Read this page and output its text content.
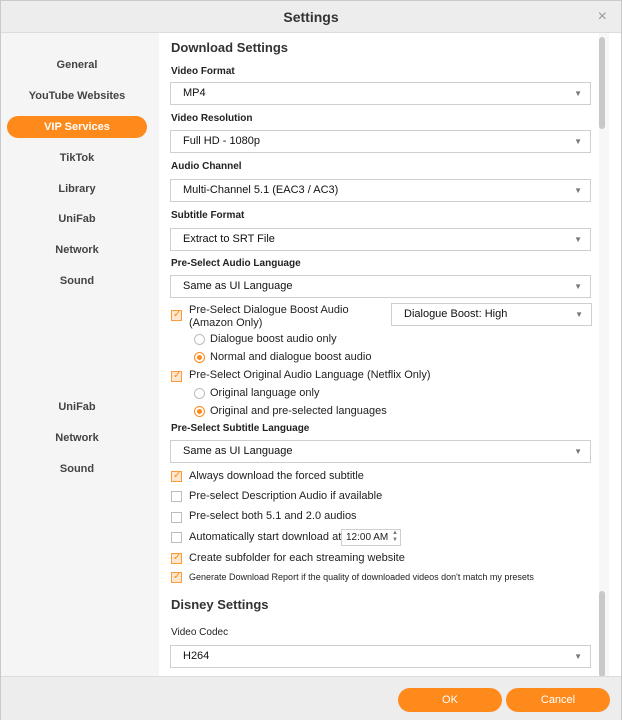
Settings	×
General
YouTube Websites
VIP Services
TikTok
Library
UniFab
Network
Sound
UniFab
Network
Sound
Download Settings
Video Format
MP4	▼
Video Resolution
Full HD - 1080p	▼
Audio Channel
Multi-Channel 5.1 (EAC3 / AC3)	▼
Subtitle Format
Extract to SRT File	▼
Pre-Select Audio Language
Same as UI Language	▼
✓
Pre-Select Dialogue Boost Audio (Amazon Only)
Dialogue Boost: High	▼
Dialogue boost audio only
Normal and dialogue boost audio
✓
Pre-Select Original Audio Language (Netflix Only)
Original language only
Original and pre-selected languages
Pre-Select Subtitle Language
Same as UI Language	▼
✓
Always download the forced subtitle
Pre-select Description Audio if available
Pre-select both 5.1 and 2.0 audios
Automatically start download at 12:00 AM ▲
▼
✓
Create subfolder for each streaming website
✓
Generate Download Report if the quality of downloaded videos don't match my presets
Disney Settings
Video Codec
H264	▼
OK	Cancel
